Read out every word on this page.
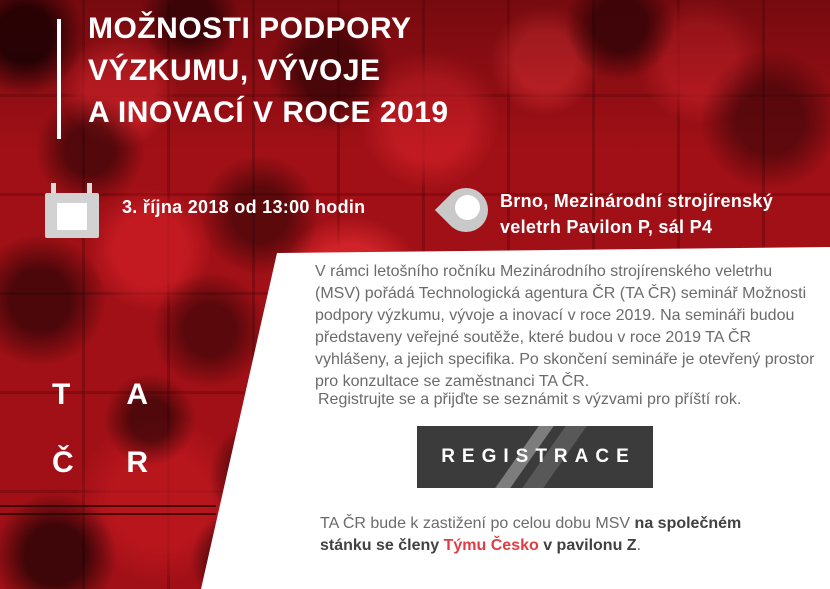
MOŽNOSTI PODPORY
VÝZKUMU, VÝVOJE
A INOVACÍ V ROCE 2019
3. října 2018 od 13:00 hodin	Brno, Mezinárodní strojírenský
veletrh Pavilon P, sál P4
T A
Č R
V rámci letošního ročníku Mezinárodního strojírenského veletrhu (MSV) pořádá Technologická agentura ČR (TA ČR) seminář Možnosti podpory výzkumu, vývoje a inovací v roce 2019. Na semináři budou představeny veřejné soutěže, které budou v roce 2019 TA ČR vyhlášeny, a jejich specifika. Po skončení semináře je otevřený prostor pro konzultace se zaměstnanci TA ČR.
Registrujte se a přijďte se seznámit s výzvami pro příští rok.
REGISTRACE
TA ČR bude k zastižení po celou dobu MSV na společném stánku se členy Týmu Česko v pavilonu Z.
